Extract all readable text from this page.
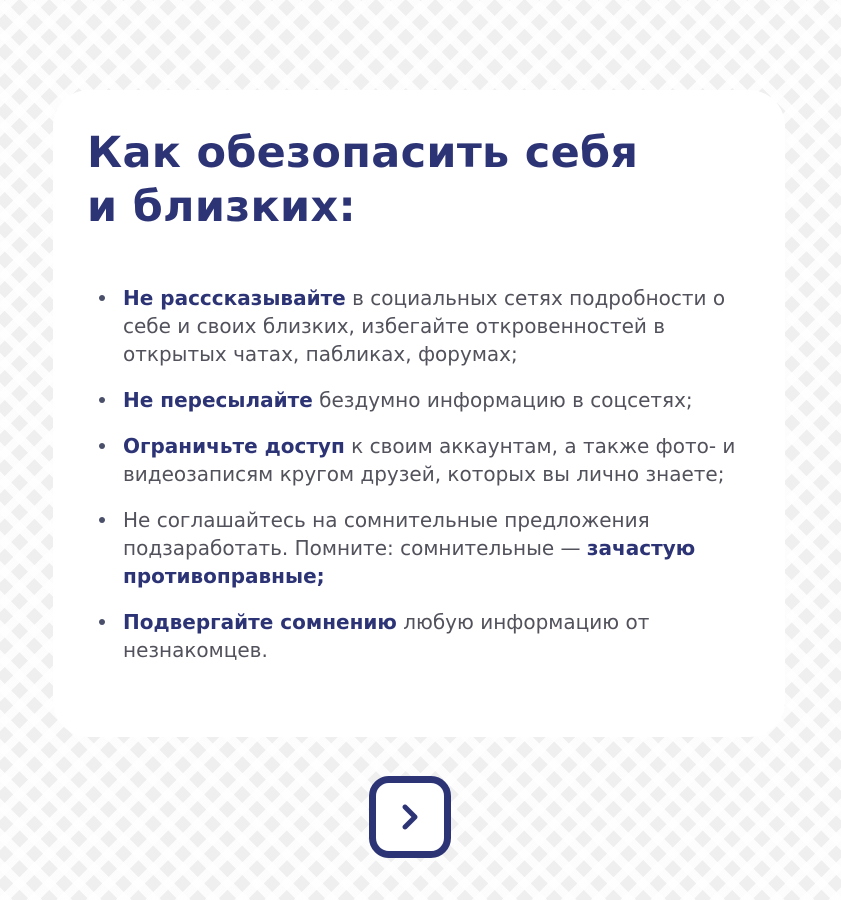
Как обезопасить себя
и близких:
Не расссказывайте в социальных сетях подробности о себе и своих близких, избегайте откровенностей в открытых чатах, пабликах, форумах;
Не пересылайте бездумно информацию в соцсетях;
Ограничьте доступ к своим аккаунтам, а также фото- и видеозаписям кругом друзей, которых вы лично знаете;
Не соглашайтесь на сомнительные предложения подзаработать. Помните: сомнительные — зачастую противоправные;
Подвергайте сомнению любую информацию от незнакомцев.
